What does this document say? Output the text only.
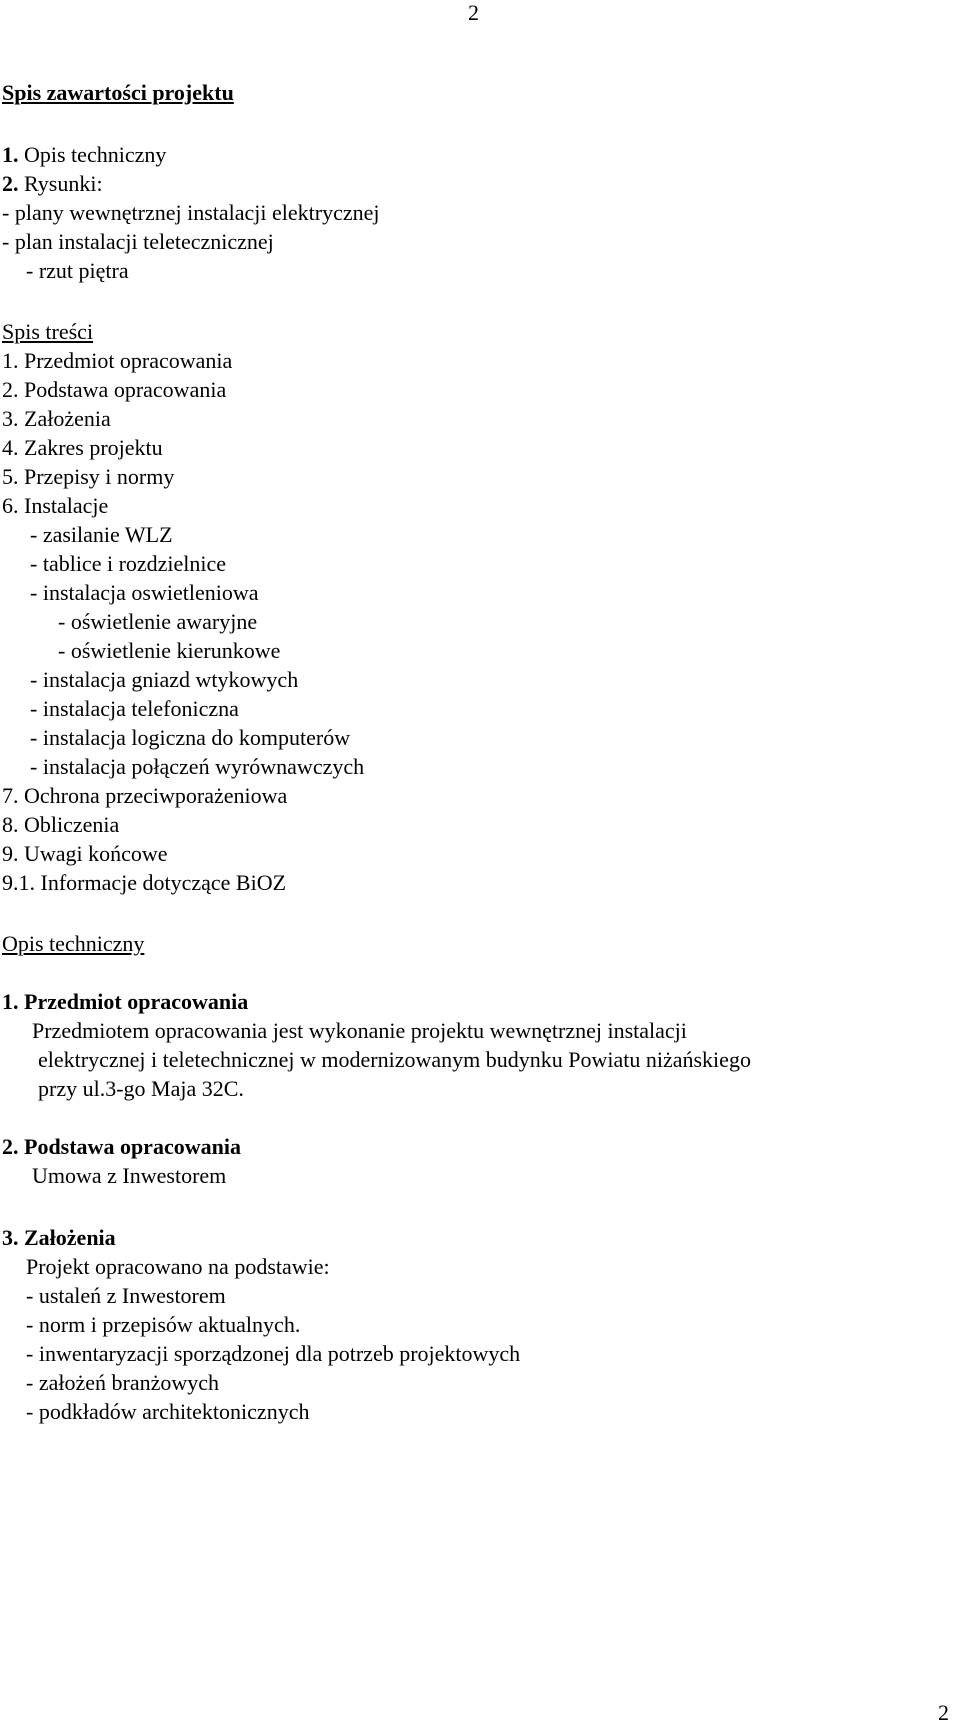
2
Spis zawartości projektu
1. Opis techniczny
2. Rysunki:
- plany wewnętrznej instalacji elektrycznej
- plan instalacji teletecznicznej
- rzut piętra
Spis treści
1. Przedmiot opracowania
2. Podstawa opracowania
3. Założenia
4. Zakres projektu
5. Przepisy i normy
6. Instalacje
- zasilanie WLZ
- tablice i rozdzielnice
- instalacja oswietleniowa
- oświetlenie awaryjne
- oświetlenie kierunkowe
- instalacja gniazd wtykowych
- instalacja telefoniczna
- instalacja logiczna do komputerów
- instalacja połączeń wyrównawczych
7. Ochrona przeciwporażeniowa
8. Obliczenia
9. Uwagi końcowe
9.1. Informacje dotyczące BiOZ
Opis techniczny
1. Przedmiot opracowania
Przedmiotem opracowania jest wykonanie projektu wewnętrznej instalacji
elektrycznej i teletechnicznej w modernizowanym budynku Powiatu niżańskiego
przy ul.3-go Maja 32C.
2. Podstawa opracowania
Umowa z Inwestorem
3. Założenia
Projekt opracowano na podstawie:
- ustaleń z Inwestorem
- norm i przepisów aktualnych.
- inwentaryzacji sporządzonej dla potrzeb projektowych
- założeń branżowych
- podkładów architektonicznych
2
